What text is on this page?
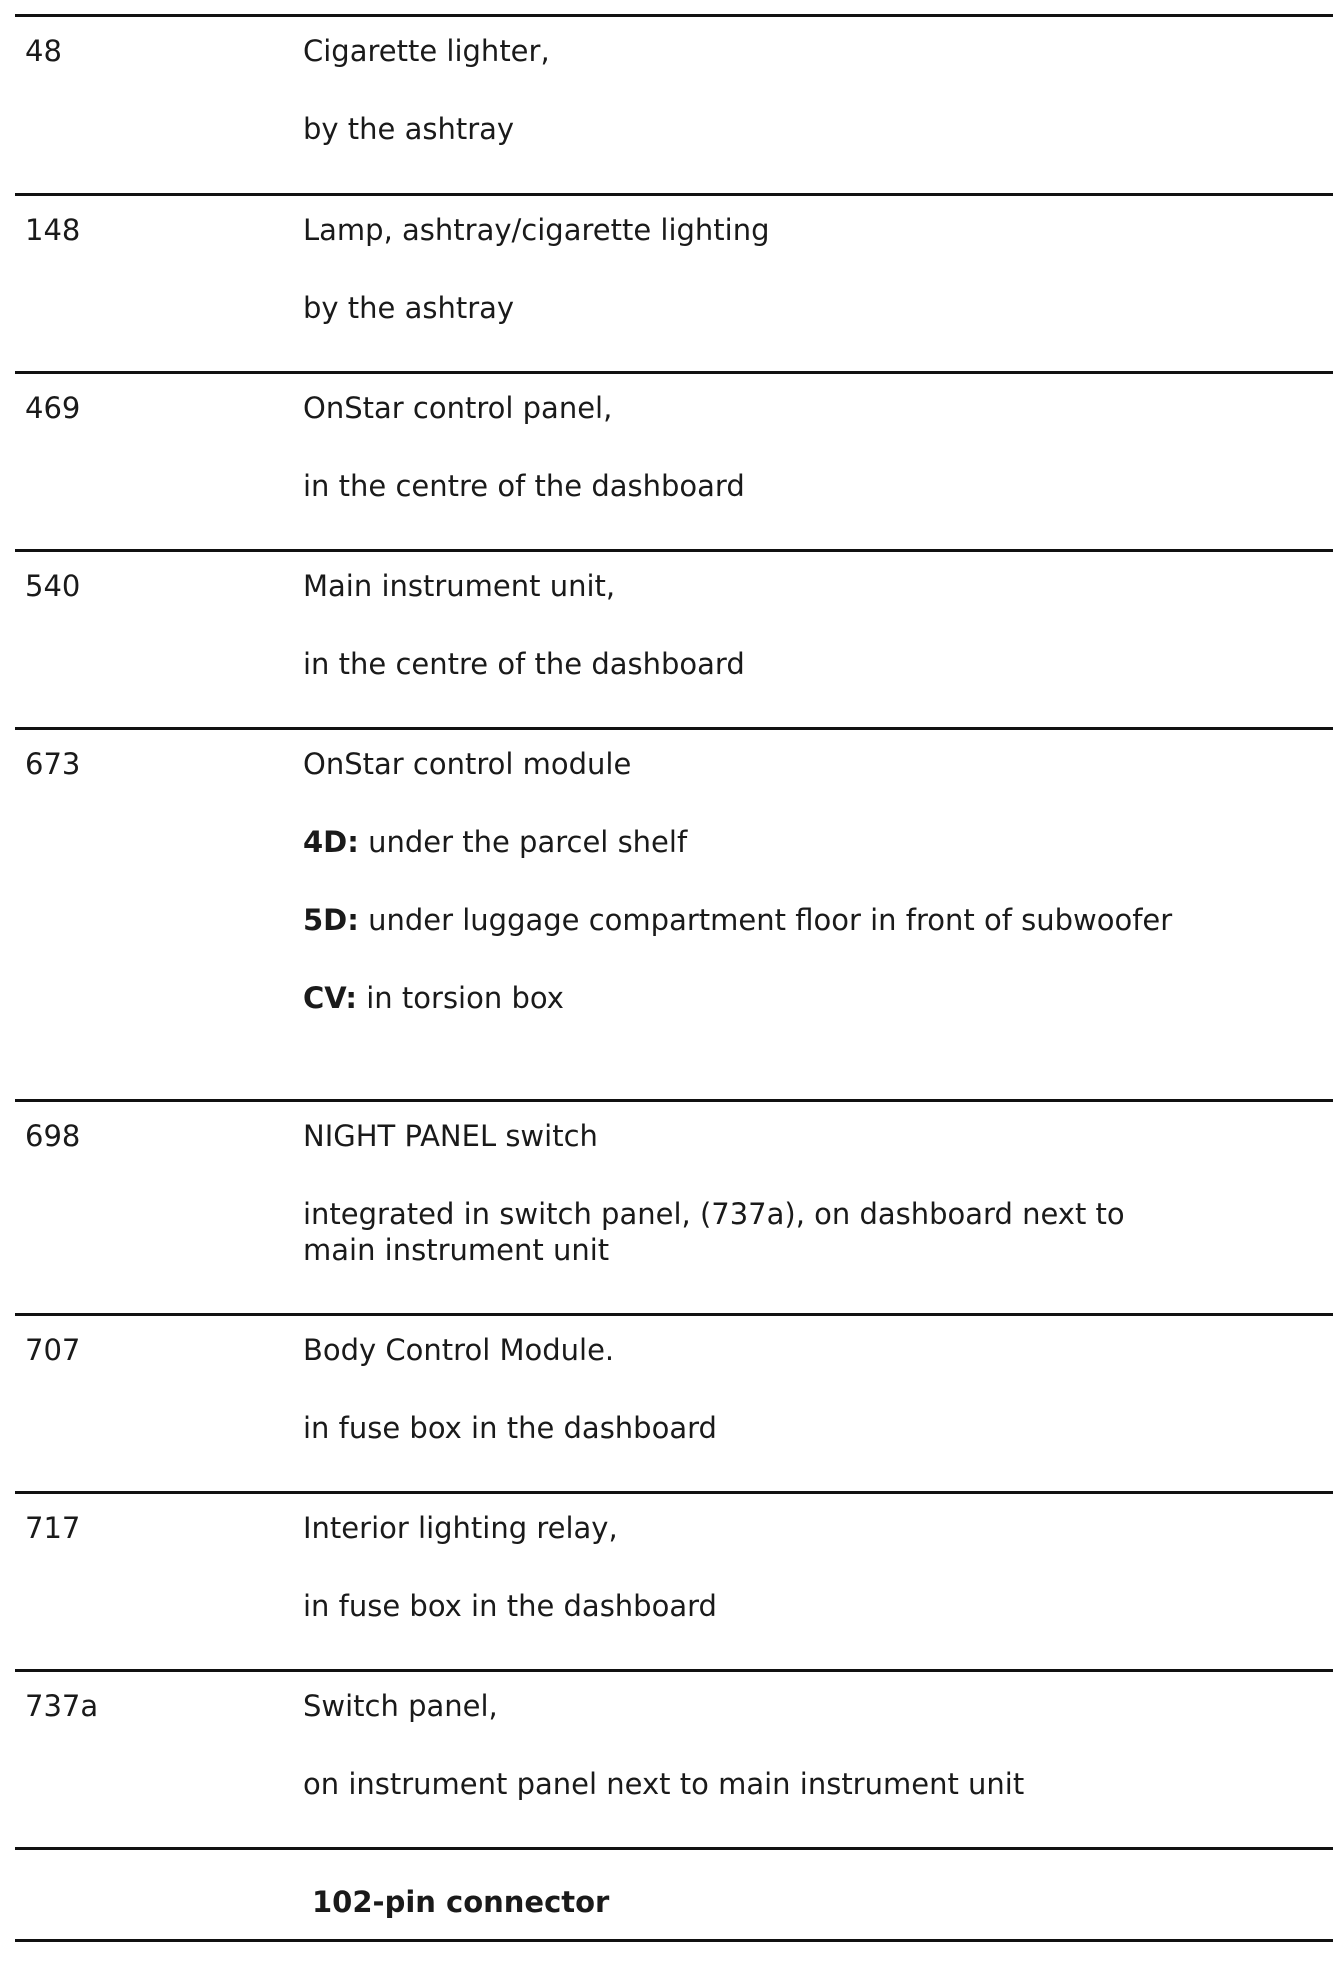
48	Cigarette lighter,

by the ashtray

148	Lamp, ashtray/cigarette lighting

by the ashtray

469	OnStar control panel,

in the centre of the dashboard

540	Main instrument unit,

in the centre of the dashboard

673	OnStar control module

4D: under the parcel shelf

5D: under luggage compartment floor in front of subwoofer

CV: in torsion box

698	NIGHT PANEL switch

integrated in switch panel, (737a), on dashboard next to main instrument unit

707	Body Control Module.

in fuse box in the dashboard

717	Interior lighting relay,

in fuse box in the dashboard

737a	Switch panel,

on instrument panel next to main instrument unit

102-pin connector
